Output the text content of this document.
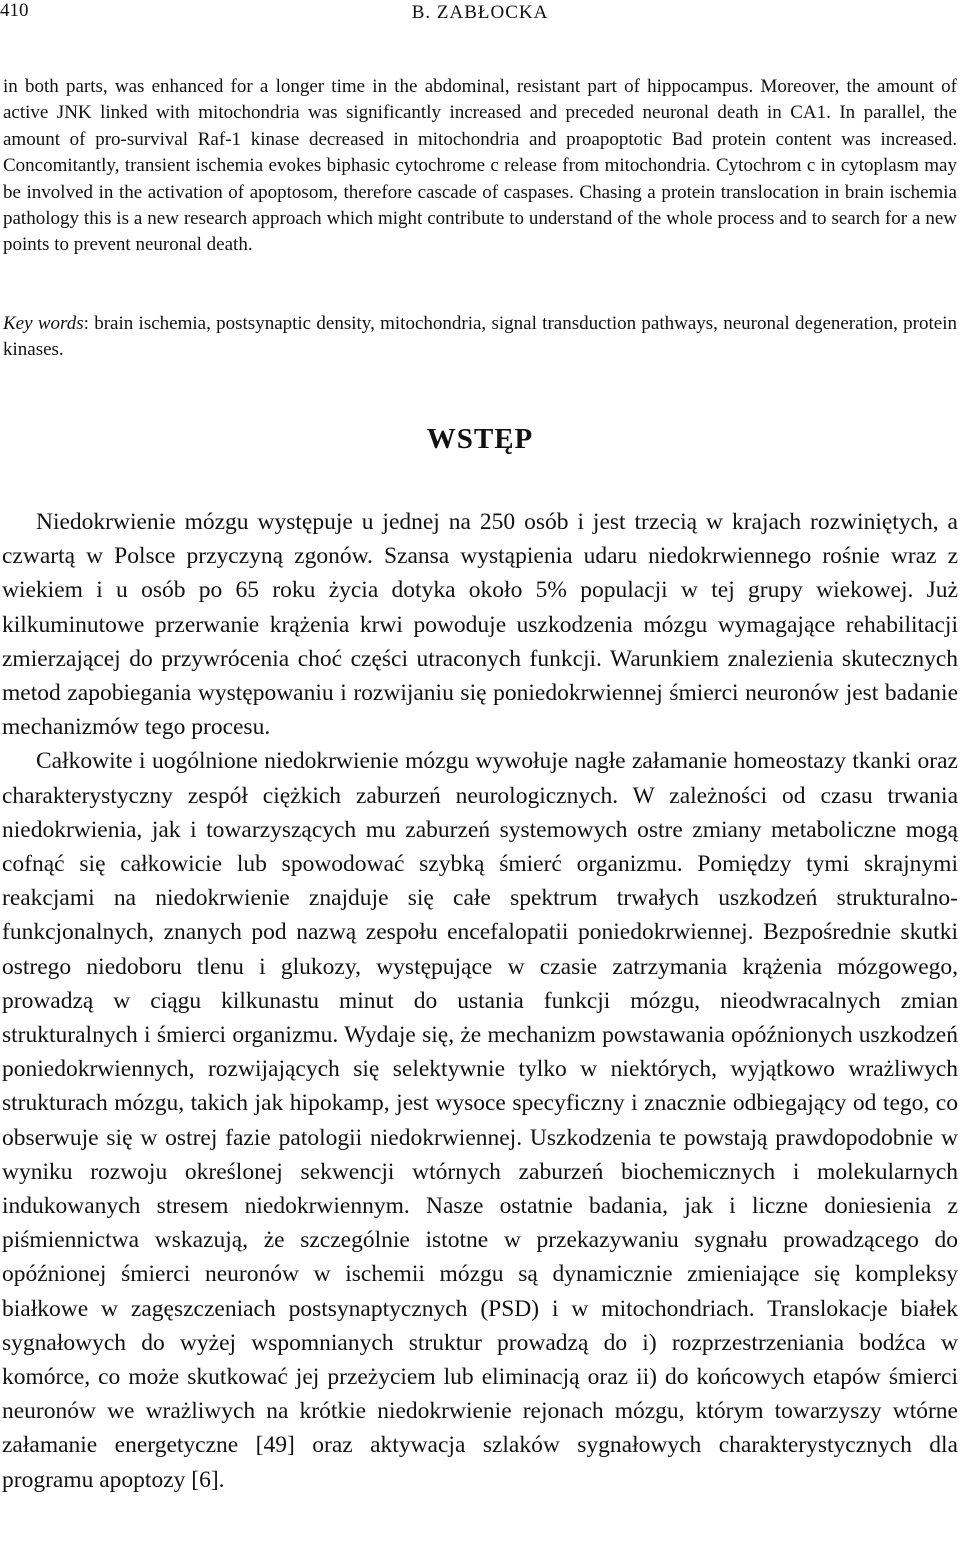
410	B. ZABŁOCKA

in both parts, was enhanced for a longer time in the abdominal, resistant part of hippocampus. Moreover, the amount of active JNK linked with mitochondria was significantly increased and preceded neuronal death in CA1. In parallel, the amount of pro-survival Raf-1 kinase decreased in mitochondria and proapoptotic Bad protein content was increased. Concomitantly, transient ischemia evokes biphasic cytochrome c release from mitochondria. Cytochrom c in cytoplasm may be involved in the activation of apoptosom, therefore cascade of caspases. Chasing a protein translocation in brain ischemia pathology this is a new research approach which might contribute to understand of the whole process and to search for a new points to prevent neuronal death.

Key words: brain ischemia, postsynaptic density, mitochondria, signal transduction pathways, neuronal degeneration, protein kinases.

WSTĘP

Niedokrwienie mózgu występuje u jednej na 250 osób i jest trzecią w krajach rozwiniętych, a czwartą w Polsce przyczyną zgonów. Szansa wystąpienia udaru niedokrwiennego rośnie wraz z wiekiem i u osób po 65 roku życia dotyka około 5% populacji w tej grupy wiekowej. Już kilkuminutowe przerwanie krążenia krwi powoduje uszkodzenia mózgu wymagające rehabilitacji zmierzającej do przywrócenia choć części utraconych funkcji. Warunkiem znalezienia skutecznych metod zapobiegania występowaniu i rozwijaniu się poniedokrwiennej śmierci neuronów jest badanie mechanizmów tego procesu.

Całkowite i uogólnione niedokrwienie mózgu wywołuje nagłe załamanie homeostazy tkanki oraz charakterystyczny zespół ciężkich zaburzeń neurologicznych. W zależności od czasu trwania niedokrwienia, jak i towarzyszących mu zaburzeń systemowych ostre zmiany metaboliczne mogą cofnąć się całkowicie lub spowodować szybką śmierć organizmu. Pomiędzy tymi skrajnymi reakcjami na niedokrwienie znajduje się całe spektrum trwałych uszkodzeń strukturalno-funkcjonalnych, znanych pod nazwą zespołu encefalopatii poniedokrwiennej. Bezpośrednie skutki ostrego niedoboru tlenu i glukozy, występujące w czasie zatrzymania krążenia mózgowego, prowadzą w ciągu kilkunastu minut do ustania funkcji mózgu, nieodwracalnych zmian strukturalnych i śmierci organizmu. Wydaje się, że mechanizm powstawania opóźnionych uszkodzeń poniedokrwiennych, rozwijających się selektywnie tylko w niektórych, wyjątkowo wrażliwych strukturach mózgu, takich jak hipokamp, jest wysoce specyficzny i znacznie odbiegający od tego, co obserwuje się w ostrej fazie patologii niedokrwiennej. Uszkodzenia te powstają prawdopodobnie w wyniku rozwoju określonej sekwencji wtórnych zaburzeń biochemicznych i molekularnych indukowanych stresem niedokrwiennym. Nasze ostatnie badania, jak i liczne doniesienia z piśmiennictwa wskazują, że szczególnie istotne w przekazywaniu sygnału prowadzącego do opóźnionej śmierci neuronów w ischemii mózgu są dynamicznie zmieniające się kompleksy białkowe w zagęszczeniach postsynaptycznych (PSD) i w mitochondriach. Translokacje białek sygnałowych do wyżej wspomnianych struktur prowadzą do i) rozprzestrzeniania bodźca w komórce, co może skutkować jej przeżyciem lub eliminacją oraz ii) do końcowych etapów śmierci neuronów we wrażliwych na krótkie niedokrwienie rejonach mózgu, którym towarzyszy wtórne załamanie energetyczne [49] oraz aktywacja szlaków sygnałowych charakterystycznych dla programu apoptozy [6].
